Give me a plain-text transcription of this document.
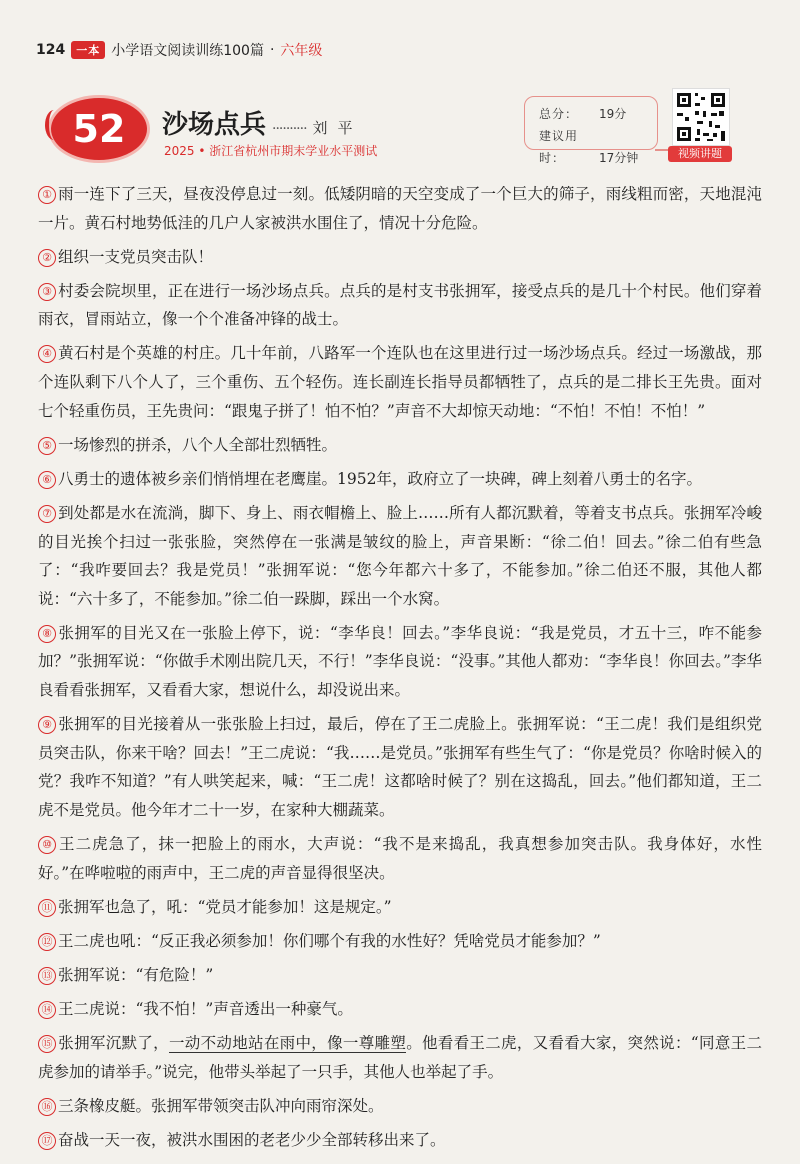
124	一本 小学语文阅读训练100篇 · 六年级
52 沙场点兵 ·········· 刘平
2025 • 浙江省杭州市期末学业水平测试
总分： 19分
建议用时：	17分钟	视频讲题

① 雨一连下了三天，昼夜没停息过一刻。低矮阴暗的天空变成了一个巨大的筛子，雨线粗而密，天地混沌一片。黄石村地势低洼的几户人家被洪水围住了，情况十分危险。

② 组织一支党员突击队！

③ 村委会院坝里，正在进行一场沙场点兵。点兵的是村支书张拥军，接受点兵的是几十个村民。他们穿着雨衣，冒雨站立，像一个个准备冲锋的战士。

④ 黄石村是个英雄的村庄。几十年前，八路军一个连队也在这里进行过一场沙场点兵。经过一场激战，那个连队剩下八个人了，三个重伤、五个轻伤。连长副连长指导员都牺牲了，点兵的是二排长王先贵。面对七个轻重伤员，王先贵问：“跟鬼子拼了！怕不怕？”声音不大却惊天动地：“不怕！不怕！不怕！”

⑤ 一场惨烈的拼杀，八个人全部壮烈牺牲。

⑥ 八勇士的遗体被乡亲们悄悄埋在老鹰崖。1952年，政府立了一块碑，碑上刻着八勇士的名字。

⑦ 到处都是水在流淌，脚下、身上、雨衣帽檐上、脸上……所有人都沉默着，等着支书点兵。张拥军冷峻的目光挨个扫过一张张脸，突然停在一张满是皱纹的脸上，声音果断：“徐二伯！回去。”徐二伯有些急了：“我咋要回去？我是党员！”张拥军说：“您今年都六十多了，不能参加。”徐二伯还不服，其他人都说：“六十多了，不能参加。”徐二伯一跺脚，踩出一个水窝。

⑧ 张拥军的目光又在一张脸上停下，说：“李华良！回去。”李华良说：“我是党员，才五十三，咋不能参加？”张拥军说：“你做手术刚出院几天，不行！”李华良说：“没事。”其他人都劝：“李华良！你回去。”李华良看看张拥军，又看看大家，想说什么，却没说出来。

⑨ 张拥军的目光接着从一张张脸上扫过，最后，停在了王二虎脸上。张拥军说：“王二虎！我们是组织党员突击队，你来干啥？回去！”王二虎说：“我……是党员。”张拥军有些生气了：“你是党员？你啥时候入的党？我咋不知道？”有人哄笑起来，喊：“王二虎！这都啥时候了？别在这捣乱，回去。”他们都知道，王二虎不是党员。他今年才二十一岁，在家种大棚蔬菜。

⑩ 王二虎急了，抹一把脸上的雨水，大声说：“我不是来捣乱，我真想参加突击队。我身体好，水性好。”在哗啦啦的雨声中，王二虎的声音显得很坚决。

⑪ 张拥军也急了，吼：“党员才能参加！这是规定。”

⑫ 王二虎也吼：“反正我必须参加！你们哪个有我的水性好？凭啥党员才能参加？”

⑬ 张拥军说：“有危险！”

⑭ 王二虎说：“我不怕！”声音透出一种豪气。

⑮ 张拥军沉默了，一动不动地站在雨中，像一尊雕塑。他看看王二虎，又看看大家，突然说：“同意王二虎参加的请举手。”说完，他带头举起了一只手，其他人也举起了手。

⑯ 三条橡皮艇。张拥军带领突击队冲向雨帘深处。

⑰ 奋战一天一夜，被洪水围困的老老少少全部转移出来了。
